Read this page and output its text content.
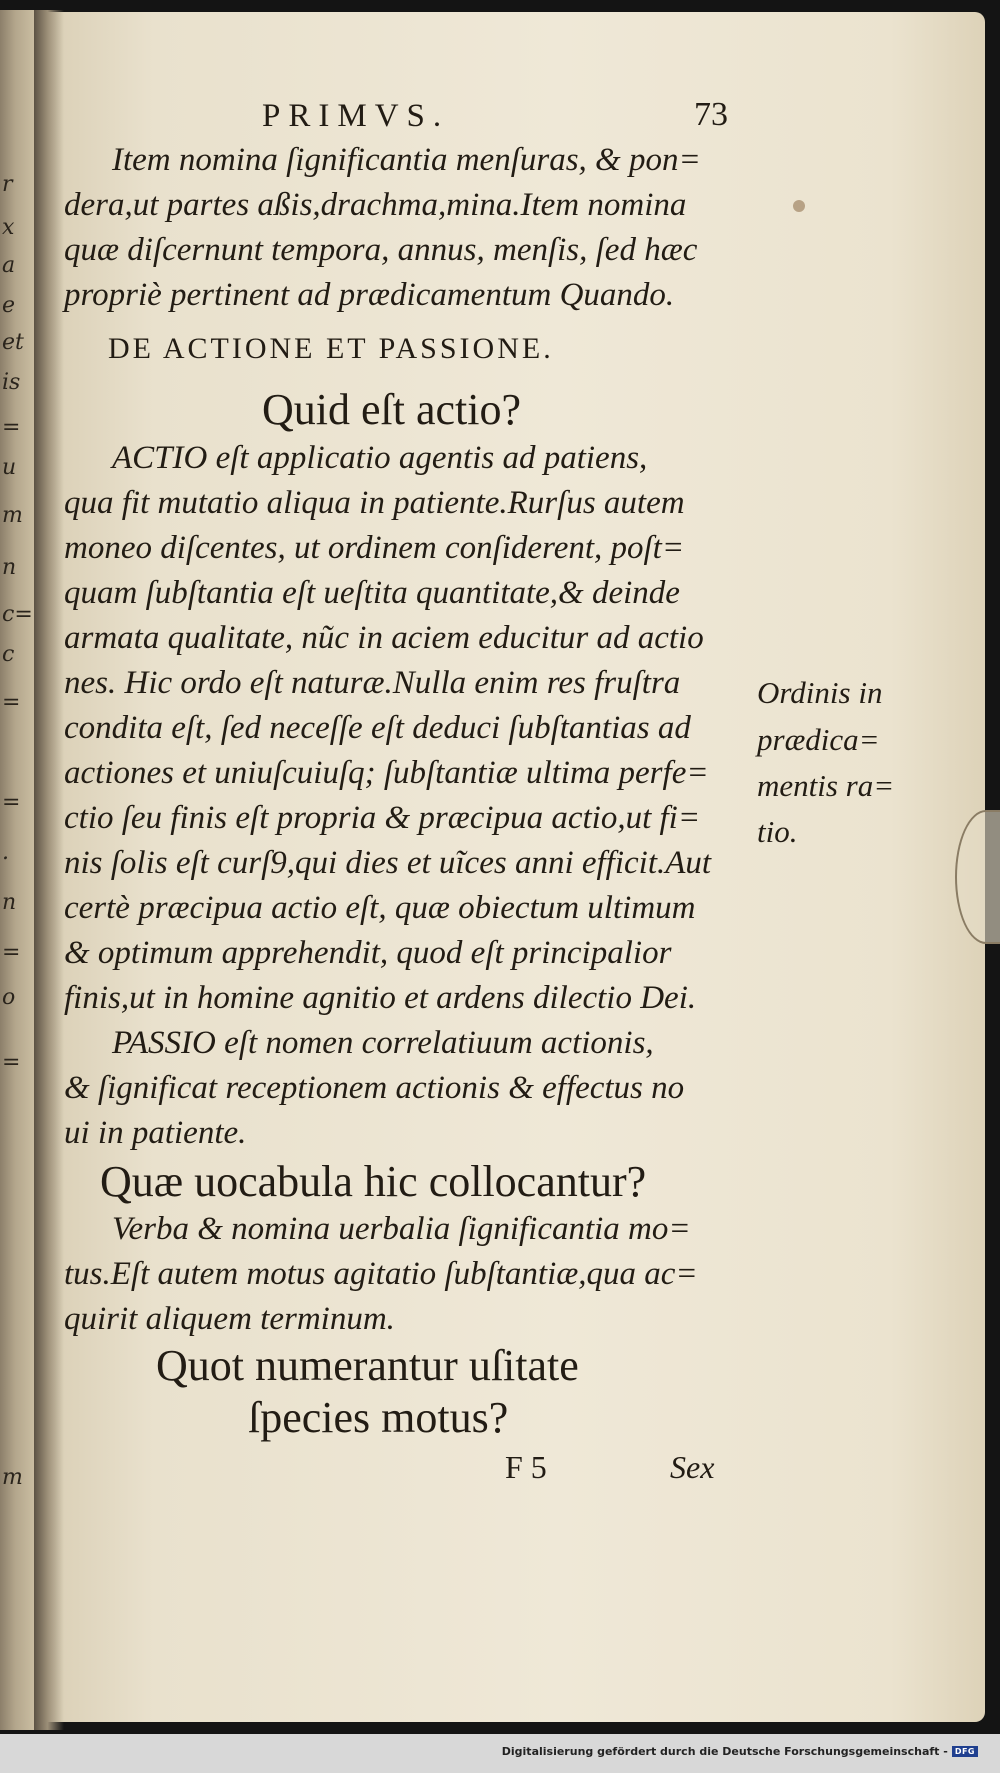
r
x
a
e
et
is
=
u
m
n
c=
c
=
=
.
n
=
o
=
m
PRIMVS.	73
Item nomina ſignificantia menſuras, & pon=
dera,ut partes aßis,drachma,mina.Item nomina
quæ diſcernunt tempora, annus, menſis, ſed hæc
propriè pertinent ad prædicamentum Quando.
DE ACTIONE ET PASSIONE.
Quid eſt actio?
ACTIO eſt applicatio agentis ad patiens,
qua fit mutatio aliqua in patiente.Rurſus autem
moneo diſcentes, ut ordinem conſiderent, poſt=
quam ſubſtantia eſt ueſtita quantitate,& deinde
armata qualitate, nũc in aciem educitur ad actio
nes. Hic ordo eſt naturæ.Nulla enim res fruſtra
condita eſt, ſed neceſſe eſt deduci ſubſtantias ad
actiones et uniuſcuiuſq; ſubſtantiæ ultima perfe=
ctio ſeu finis eſt propria & præcipua actio,ut fi=
nis ſolis eſt curſ9,qui dies et uĩces anni efficit.Aut
certè præcipua actio eſt, quæ obiectum ultimum
& optimum apprehendit, quod eſt principalior
finis,ut in homine agnitio et ardens dilectio Dei.
PASSIO eſt nomen correlatiuum actionis,
& ſignificat receptionem actionis & effectus no
ui in patiente.
Quæ uocabula hic collocantur?
Verba & nomina uerbalia ſignificantia mo=
tus.Eſt autem motus agitatio ſubſtantiæ,qua ac=
quirit aliquem terminum.
Quot numerantur uſitate
ſpecies motus?
F 5	Sex
Ordinis in
prædica=
mentis ra=
tio.
Digitalisierung gefördert durch die Deutsche Forschungsgemeinschaft - DFG
